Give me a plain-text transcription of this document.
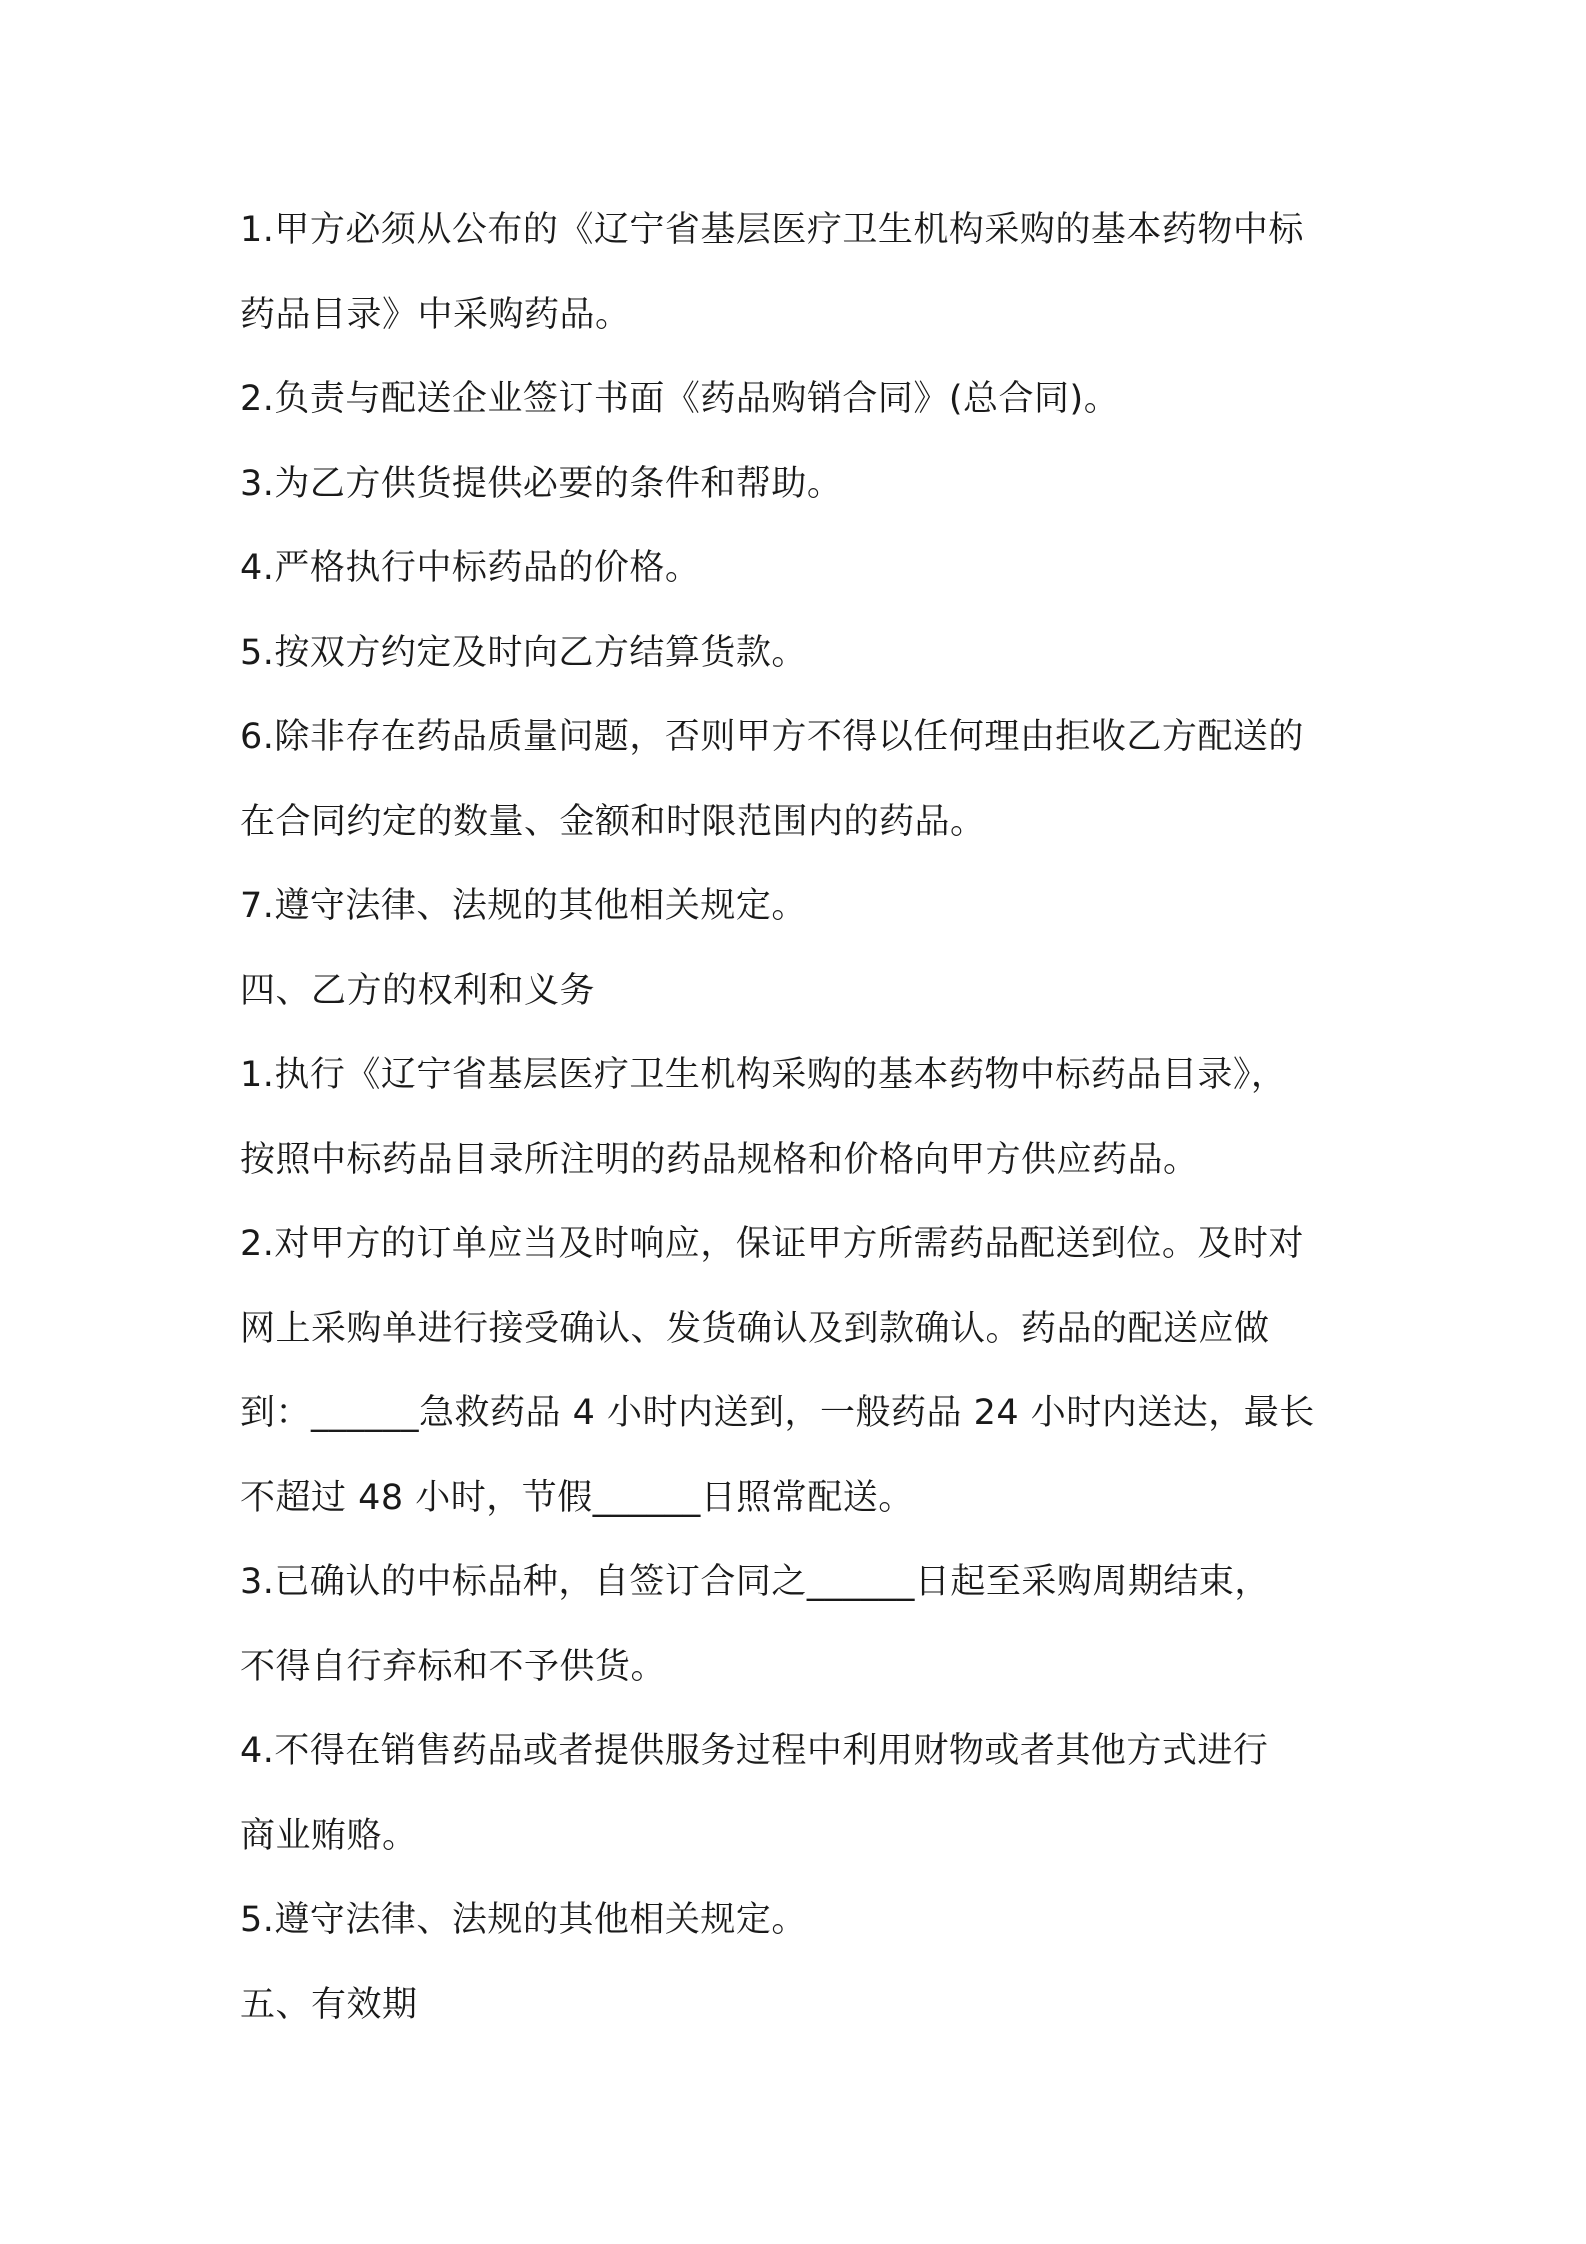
1.甲方必须从公布的《辽宁省基层医疗卫生机构采购的基本药物中标
药品目录》中采购药品。
2.负责与配送企业签订书面《药品购销合同》(总合同)。
3.为乙方供货提供必要的条件和帮助。
4.严格执行中标药品的价格。
5.按双方约定及时向乙方结算货款。
6.除非存在药品质量问题，否则甲方不得以任何理由拒收乙方配送的
在合同约定的数量、金额和时限范围内的药品。
7.遵守法律、法规的其他相关规定。
四、乙方的权利和义务
1.执行《辽宁省基层医疗卫生机构采购的基本药物中标药品目录》，
按照中标药品目录所注明的药品规格和价格向甲方供应药品。
2.对甲方的订单应当及时响应，保证甲方所需药品配送到位。及时对
网上采购单进行接受确认、发货确认及到款确认。药品的配送应做
到：______急救药品 4 小时内送到，一般药品 24 小时内送达，最长
不超过 48 小时，节假______日照常配送。
3.已确认的中标品种，自签订合同之______日起至采购周期结束，
不得自行弃标和不予供货。
4.不得在销售药品或者提供服务过程中利用财物或者其他方式进行
商业贿赂。
5.遵守法律、法规的其他相关规定。
五、有效期
